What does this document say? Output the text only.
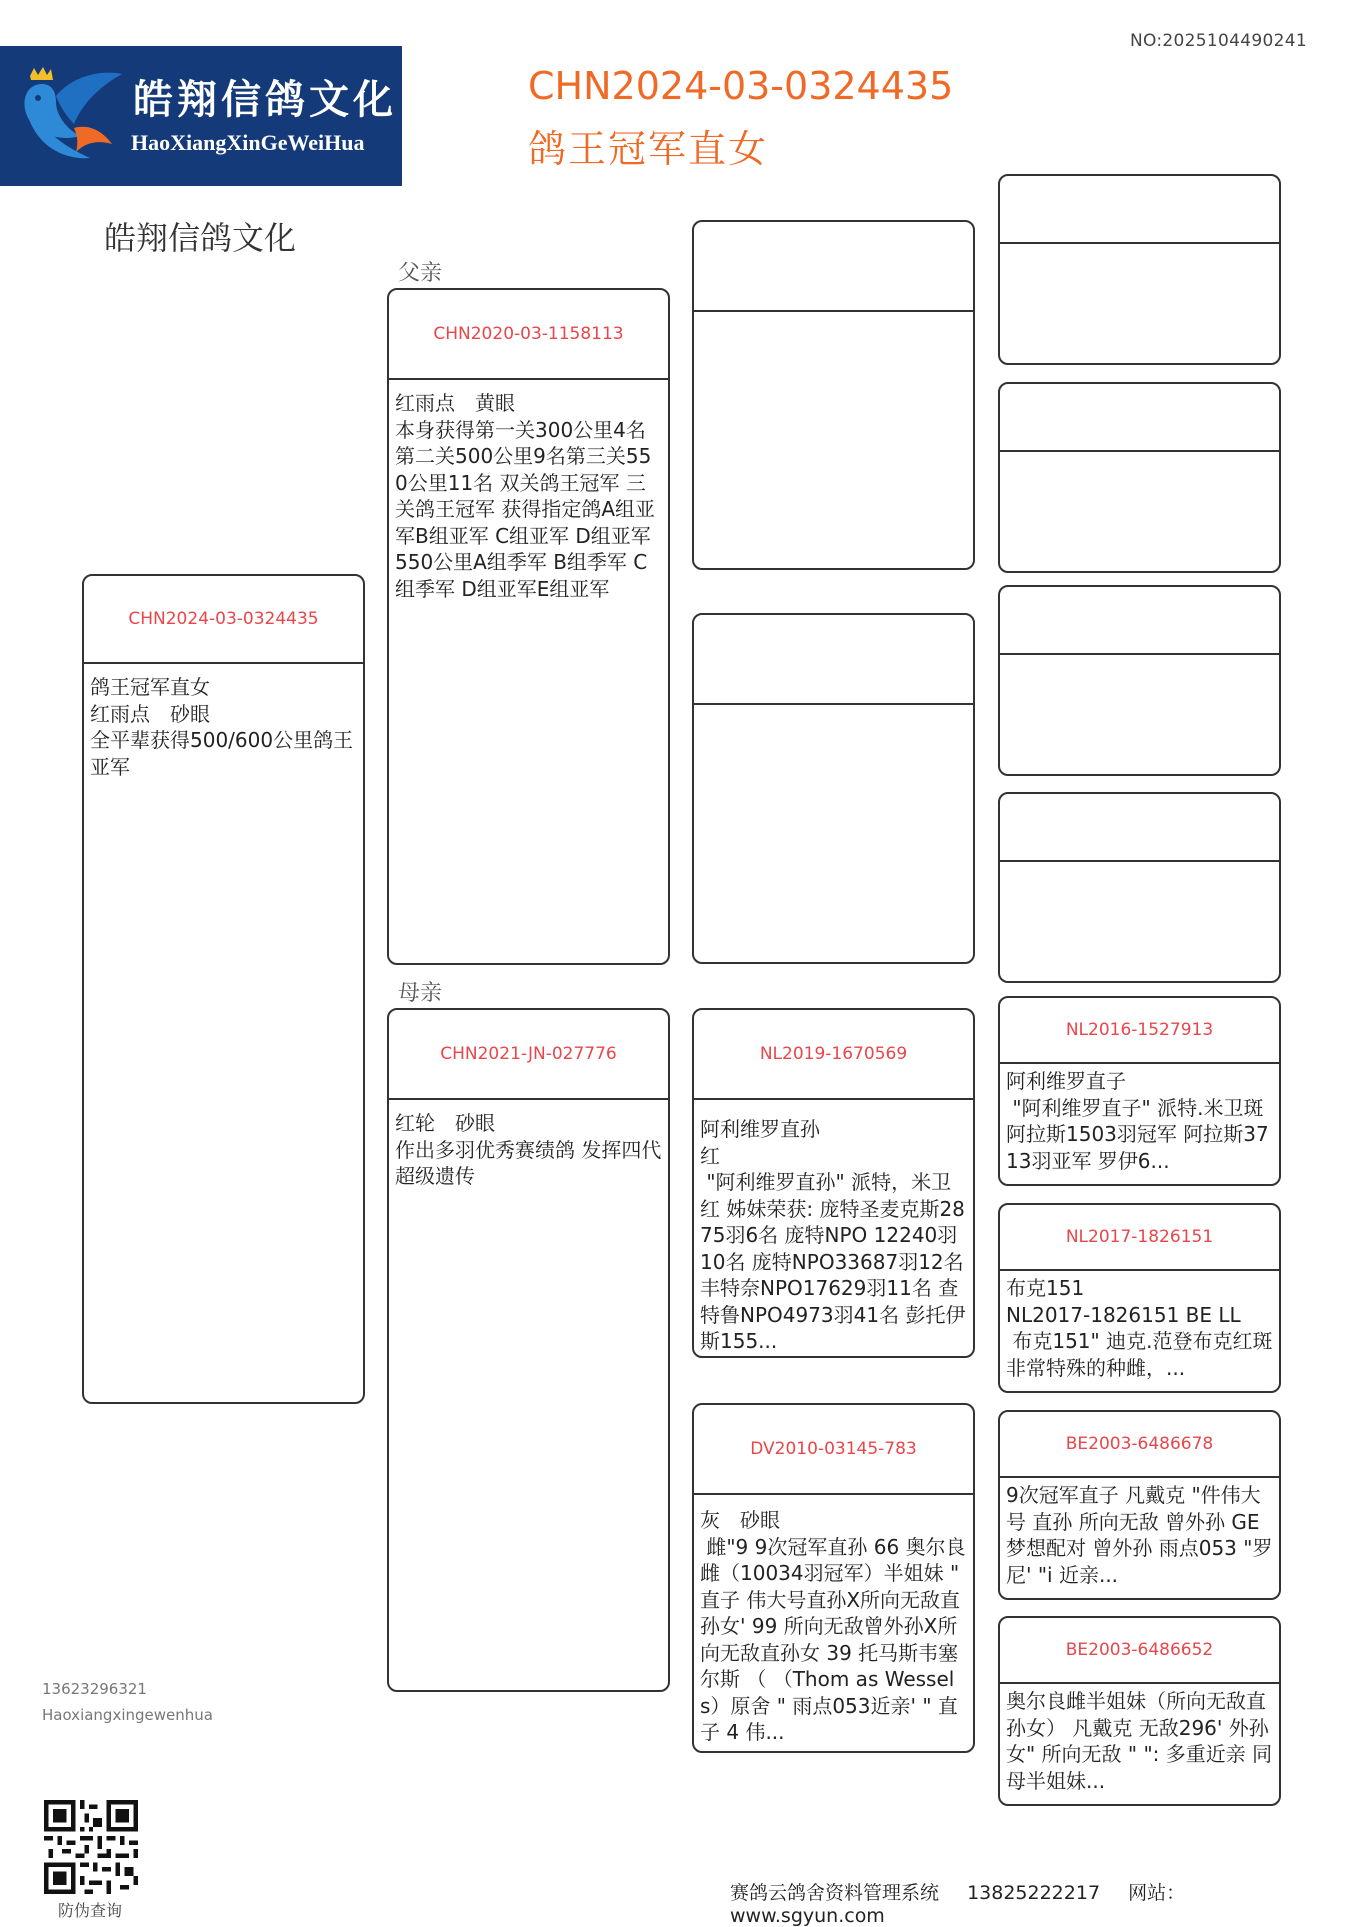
NO:2025104490241
皓翔信鸽文化
HaoXiangXinGeWeiHua
CHN2024-03-0324435
鸽王冠军直女
皓翔信鸽文化
父亲
母亲
CHN2024-03-0324435
鸽王冠军直女
红雨点　砂眼
全平辈获得500/600公里鸽王亚军
CHN2020-03-1158113
红雨点　黄眼
本身获得第一关300公里4名 第二关500公里9名第三关550公里11名 双关鸽王冠军 三关鸽王冠军 获得指定鸽A组亚军B组亚军 C组亚军 D组亚军 550公里A组季军 B组季军 C组季军 D组亚军E组亚军
CHN2021-JN-027776
红轮　砂眼
作出多羽优秀赛绩鸽 发挥四代 超级遗传
NL2019-1670569
阿利维罗直孙
红
"阿利维罗直孙" 派特，米卫红 姊妹荣获: 庞特圣麦克斯2875羽6名 庞特NPO 12240羽10名 庞特NPO33687羽12名 丰特奈NPO17629羽11名 查特鲁NPO4973羽41名 彭托伊斯155...
DV2010-03145-783
灰　砂眼
雌"9 9次冠军直孙 66 奥尔良雌（10034羽冠军）半姐妹 " 直子 伟大号直孙X所向无敌直孙女' 99 所向无敌曾外孙X所向无敌直孙女 39 托马斯韦塞尔斯 （ （Thom as Wessels）原舍 " 雨点053近亲' " 直子 4 伟...
NL2016-1527913
阿利维罗直子
"阿利维罗直子" 派特.米卫斑 阿拉斯1503羽冠军 阿拉斯3713羽亚军 罗伊6...
NL2017-1826151
布克151
NL2017-1826151 BE LL
布克151" 迪克.范登布克红斑 非常特殊的种雌，...
BE2003-6486678
9次冠军直子 凡戴克 "件伟大号 直孙 所向无敌 曾外孙 GE 梦想配对 曾外孙 雨点053 "罗尼' "i 近亲...
BE2003-6486652
奥尔良雌半姐妹（所向无敌直孙女） 凡戴克 无敌296' 外孙女" 所向无敌 " ": 多重近亲 同母半姐妹...
13623296321
Haoxiangxingewenhua
防伪查询
赛鸽云鸽舍资料管理系统 13825222217 网站：www.sgyun.com
